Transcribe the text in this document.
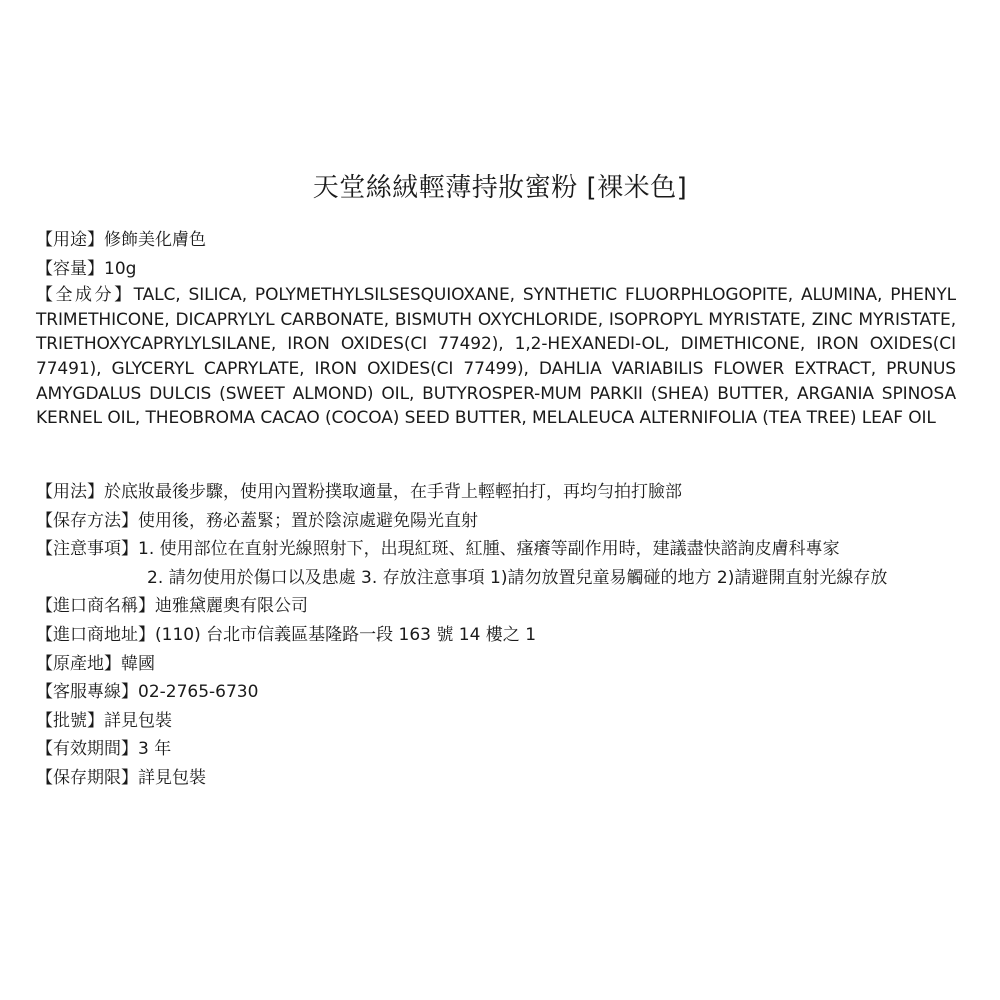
天堂絲絨輕薄持妝蜜粉 [裸米色]
【用途】修飾美化膚色
【容量】10g
【全成分】TALC, SILICA, POLYMETHYLSILSESQUIOXANE, SYNTHETIC FLUORPHLOGOPITE, ALUMINA, PHENYL TRIMETHICONE, DICAPRYLYL CARBONATE, BISMUTH OXYCHLORIDE, ISOPROPYL MYRISTATE, ZINC MYRISTATE, TRIETHOXYCAPRYLYLSILANE, IRON OXIDES(CI 77492), 1,2-HEXANEDI-OL, DIMETHICONE, IRON OXIDES(CI 77491), GLYCERYL CAPRYLATE, IRON OXIDES(CI 77499), DAHLIA VARIABILIS FLOWER EXTRACT, PRUNUS AMYGDALUS DULCIS (SWEET ALMOND) OIL, BUTYROSPER-MUM PARKII (SHEA) BUTTER, ARGANIA SPINOSA KERNEL OIL, THEOBROMA CACAO (COCOA) SEED BUTTER, MELALEUCA ALTERNIFOLIA (TEA TREE) LEAF OIL
【用法】於底妝最後步驟，使用內置粉撲取適量，在手背上輕輕拍打，再均勻拍打臉部
【保存方法】使用後，務必蓋緊；置於陰涼處避免陽光直射
【注意事項】1. 使用部位在直射光線照射下，出現紅斑、紅腫、瘙癢等副作用時，建議盡快諮詢皮膚科專家
2. 請勿使用於傷口以及患處 3. 存放注意事項 1)請勿放置兒童易觸碰的地方 2)請避開直射光線存放
【進口商名稱】迪雅黛麗奧有限公司
【進口商地址】(110) 台北市信義區基隆路一段 163 號 14 樓之 1
【原產地】韓國
【客服專線】02-2765-6730
【批號】詳見包裝
【有效期間】3 年
【保存期限】詳見包裝
